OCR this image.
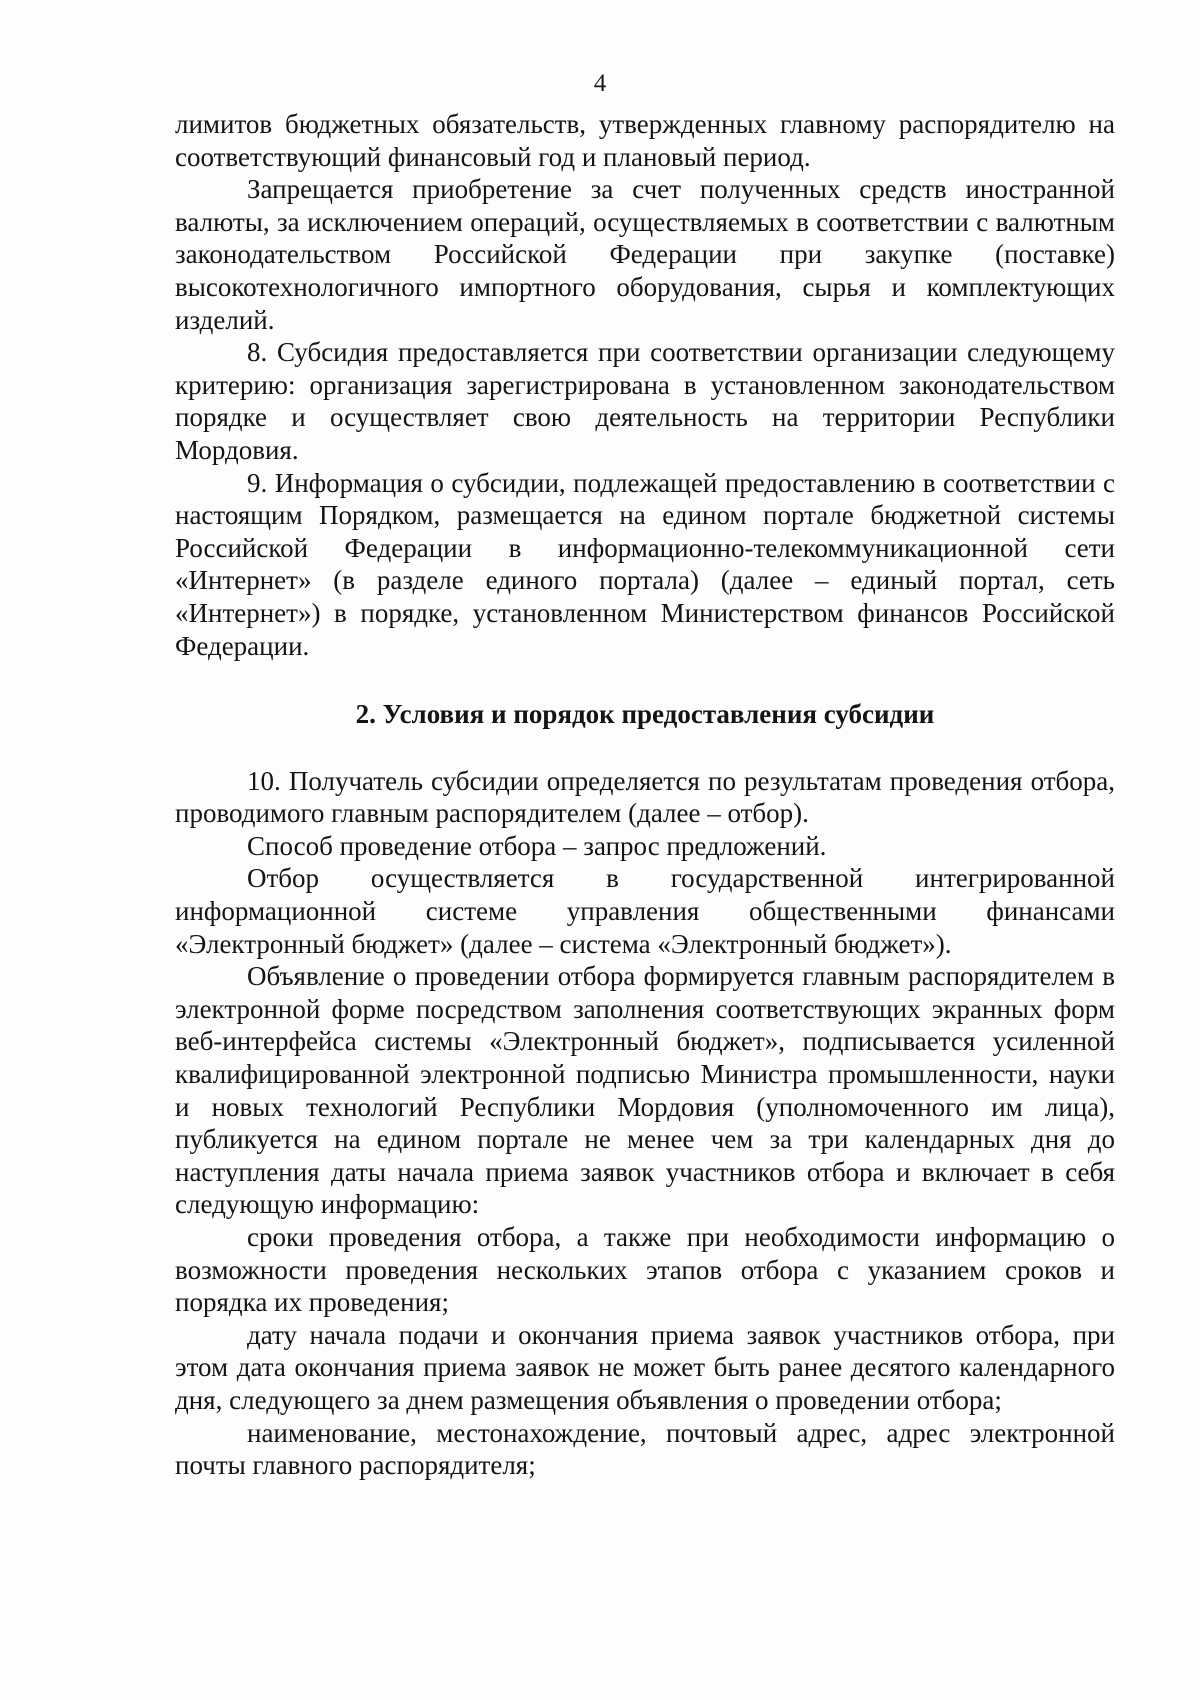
4

лимитов бюджетных обязательств, утвержденных главному распорядителю на соответствующий финансовый год и плановый период.

Запрещается приобретение за счет полученных средств иностранной валюты, за исключением операций, осуществляемых в соответствии с валютным законодательством Российской Федерации при закупке (поставке) высокотехнологичного импортного оборудования, сырья и комплектующих изделий.

8. Субсидия предоставляется при соответствии организации следующему критерию: организация зарегистрирована в установленном законодательством порядке и осуществляет свою деятельность на территории Республики Мордовия.

9. Информация о субсидии, подлежащей предоставлению в соответствии с настоящим Порядком, размещается на едином портале бюджетной системы Российской Федерации в информационно-телекоммуникационной сети «Интернет» (в разделе единого портала) (далее – единый портал, сеть «Интернет») в порядке, установленном Министерством финансов Российской Федерации.

2. Условия и порядок предоставления субсидии

10. Получатель субсидии определяется по результатам проведения отбора, проводимого главным распорядителем (далее – отбор).

Способ проведение отбора – запрос предложений.

Отбор осуществляется в государственной интегрированной информационной системе управления общественными финансами «Электронный бюджет» (далее – система «Электронный бюджет»).

Объявление о проведении отбора формируется главным распорядителем в электронной форме посредством заполнения соответствующих экранных форм веб-интерфейса системы «Электронный бюджет», подписывается усиленной квалифицированной электронной подписью Министра промышленности, науки и новых технологий Республики Мордовия (уполномоченного им лица), публикуется на едином портале не менее чем за три календарных дня до наступления даты начала приема заявок участников отбора и включает в себя следующую информацию:

сроки проведения отбора, а также при необходимости информацию о возможности проведения нескольких этапов отбора с указанием сроков и порядка их проведения;

дату начала подачи и окончания приема заявок участников отбора, при этом дата окончания приема заявок не может быть ранее десятого календарного дня, следующего за днем размещения объявления о проведении отбора;

наименование, местонахождение, почтовый адрес, адрес электронной почты главного распорядителя;
